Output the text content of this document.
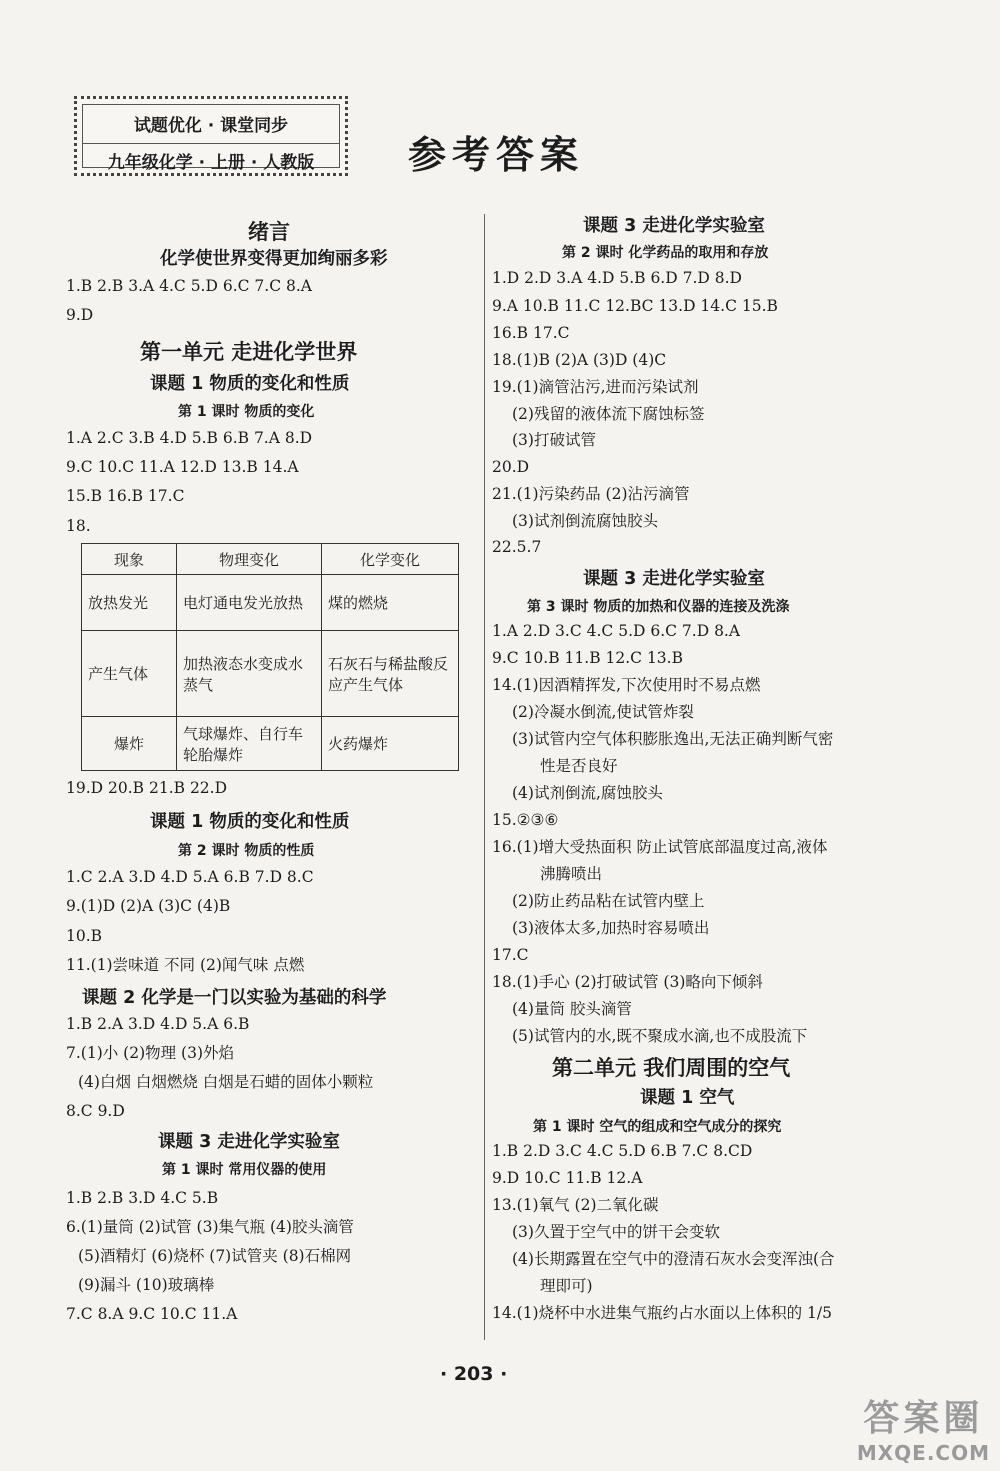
试题优化 · 课堂同步
九年级化学 · 上册 · 人教版	参考答案
绪言
化学使世界变得更加绚丽多彩
1.B 2.B 3.A 4.C 5.D 6.C 7.C 8.A
9.D
第一单元 走进化学世界
课题 1 物质的变化和性质
第 1 课时 物质的变化
1.A 2.C 3.B 4.D 5.B 6.B 7.A 8.D
9.C 10.C 11.A 12.D 13.B 14.A
15.B 16.B 17.C
18.
现象	物理变化	化学变化
放热发光	电灯通电发光放热	煤的燃烧
产生气体	加热液态水变成水蒸气	石灰石与稀盐酸反应产生气体
爆炸	气球爆炸、自行车轮胎爆炸	火药爆炸
19.D 20.B 21.B 22.D
课题 1 物质的变化和性质
第 2 课时 物质的性质
1.C 2.A 3.D 4.D 5.A 6.B 7.D 8.C
9.(1)D (2)A (3)C (4)B
10.B
11.(1)尝味道 不同 (2)闻气味 点燃
课题 2 化学是一门以实验为基础的科学
1.B 2.A 3.D 4.D 5.A 6.B
7.(1)小 (2)物理 (3)外焰
(4)白烟 白烟燃烧 白烟是石蜡的固体小颗粒
8.C 9.D
课题 3 走进化学实验室
第 1 课时 常用仪器的使用
1.B 2.B 3.D 4.C 5.B
6.(1)量筒 (2)试管 (3)集气瓶 (4)胶头滴管
(5)酒精灯 (6)烧杯 (7)试管夹 (8)石棉网
(9)漏斗 (10)玻璃棒
7.C 8.A 9.C 10.C 11.A
课题 3 走进化学实验室
第 2 课时 化学药品的取用和存放
1.D 2.D 3.A 4.D 5.B 6.D 7.D 8.D
9.A 10.B 11.C 12.BC 13.D 14.C 15.B
16.B 17.C
18.(1)B (2)A (3)D (4)C
19.(1)滴管沾污,进而污染试剂
(2)残留的液体流下腐蚀标签
(3)打破试管
20.D
21.(1)污染药品 (2)沾污滴管
(3)试剂倒流腐蚀胶头
22.5.7
课题 3 走进化学实验室
第 3 课时 物质的加热和仪器的连接及洗涤
1.A 2.D 3.C 4.C 5.D 6.C 7.D 8.A
9.C 10.B 11.B 12.C 13.B
14.(1)因酒精挥发,下次使用时不易点燃
(2)冷凝水倒流,使试管炸裂
(3)试管内空气体积膨胀逸出,无法正确判断气密
性是否良好
(4)试剂倒流,腐蚀胶头
15.②③⑥
16.(1)增大受热面积 防止试管底部温度过高,液体
沸腾喷出
(2)防止药品粘在试管内壁上
(3)液体太多,加热时容易喷出
17.C
18.(1)手心 (2)打破试管 (3)略向下倾斜
(4)量筒 胶头滴管
(5)试管内的水,既不聚成水滴,也不成股流下
第二单元 我们周围的空气
课题 1 空气
第 1 课时 空气的组成和空气成分的探究
1.B 2.D 3.C 4.C 5.D 6.B 7.C 8.CD
9.D 10.C 11.B 12.A
13.(1)氧气 (2)二氧化碳
(3)久置于空气中的饼干会变软
(4)长期露置在空气中的澄清石灰水会变浑浊(合
理即可)
14.(1)烧杯中水进集气瓶约占水面以上体积的 1/5
· 203 ·
答案圈
MXQE.COM
